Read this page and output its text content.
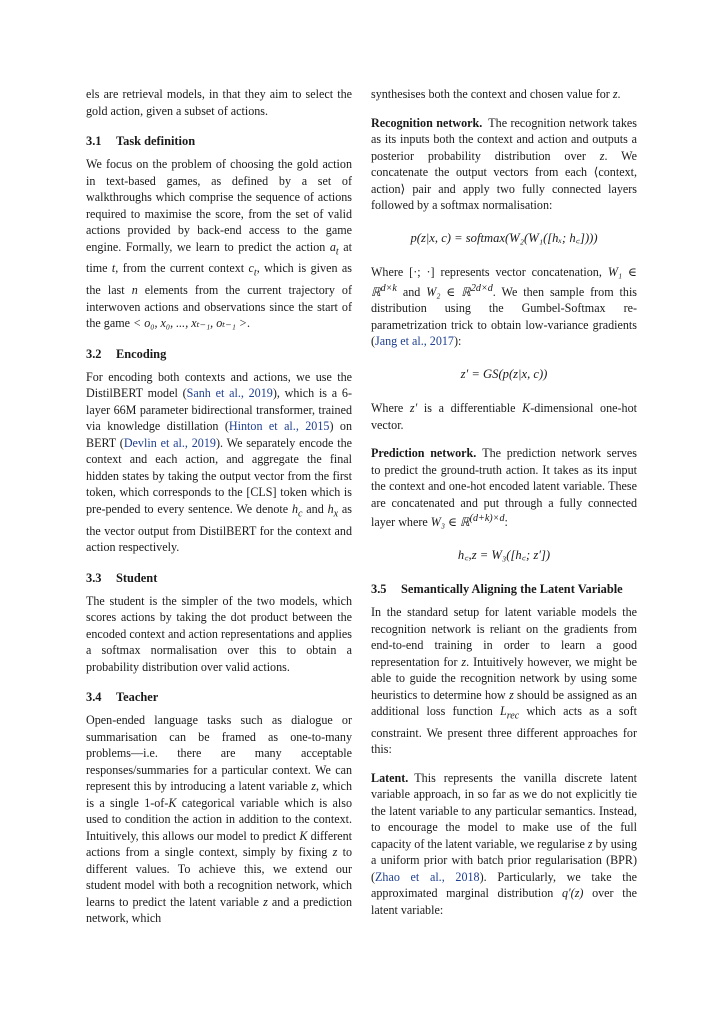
els are retrieval models, in that they aim to select the gold action, given a subset of actions.

3.1	Task definition

We focus on the problem of choosing the gold action in text-based games, as defined by a set of walkthroughs which comprise the sequence of actions required to maximise the score, from the set of valid actions provided by back-end access to the game engine. Formally, we learn to predict the action $a_t$ at time t, from the current context $c_t$, which is given as the last n elements from the current trajectory of interwoven actions and observations since the start of the game < o₀, x₀, ..., xₜ₋₁, oₜ₋₁ >.

3.2	Encoding

For encoding both contexts and actions, we use the DistilBERT model (Sanh et al., 2019), which is a 6-layer 66M parameter bidirectional transformer, trained via knowledge distillation (Hinton et al., 2015) on BERT (Devlin et al., 2019). We separately encode the context and each action, and aggregate the final hidden states by taking the output vector from the first token, which corresponds to the [CLS] token which is pre-pended to every sentence. We denote $h_c$ and $h_x$ as the vector output from DistilBERT for the context and action respectively.

3.3	Student

The student is the simpler of the two models, which scores actions by taking the dot product between the encoded context and action representations and applies a softmax normalisation over this to obtain a probability distribution over valid actions.

3.4	Teacher

Open-ended language tasks such as dialogue or summarisation can be framed as one-to-many problems—i.e. there are many acceptable responses/summaries for a particular context. We can represent this by introducing a latent variable z, which is a single 1-of-K categorical variable which is also used to condition the action in addition to the context. Intuitively, this allows our model to predict K different actions from a single context, simply by fixing z to different values. To achieve this, we extend our student model with both a recognition network, which learns to predict the latent variable z and a prediction network, which

synthesises both the context and chosen value for z.

Recognition network. The recognition network takes as its inputs both the context and action and outputs a posterior probability distribution over z. We concatenate the output vectors from each ⟨context, action⟩ pair and apply two fully connected layers followed by a softmax normalisation:

p(z|x, c) = softmax(W₂(W₁([hₓ; h꜀])))

Where [·; ·] represents vector concatenation, W₁ ∈ ℝ$^{d\times k}$ and W₂ ∈ ℝ$^{2d\times d}$. We then sample from this distribution using the Gumbel-Softmax re-parametrization trick to obtain low-variance gradients (Jang et al., 2017):

z′ = GS(p(z|x, c))

Where z′ is a differentiable K-dimensional one-hot vector.

Prediction network. The prediction network serves to predict the ground-truth action. It takes as its input the context and one-hot encoded latent variable. These are concatenated and put through a fully connected layer where W₃ ∈ ℝ$^{(d+k)\times d}$:

h꜀,z = W₃([h꜀; z′])
3.5	Semantically Aligning the Latent Variable

In the standard setup for latent variable models the recognition network is reliant on the gradients from end-to-end training in order to learn a good representation for z. Intuitively however, we might be able to guide the recognition network by using some heuristics to determine how z should be assigned as an additional loss function $L_{rec}$ which acts as a soft constraint. We present three different approaches for this:

Latent. This represents the vanilla discrete latent variable approach, in so far as we do not explicitly tie the latent variable to any particular semantics. Instead, to encourage the model to make use of the full capacity of the latent variable, we regularise z by using a uniform prior with batch prior regularisation (BPR) (Zhao et al., 2018). Particularly, we take the approximated marginal distribution q′(z) over the latent variable:
